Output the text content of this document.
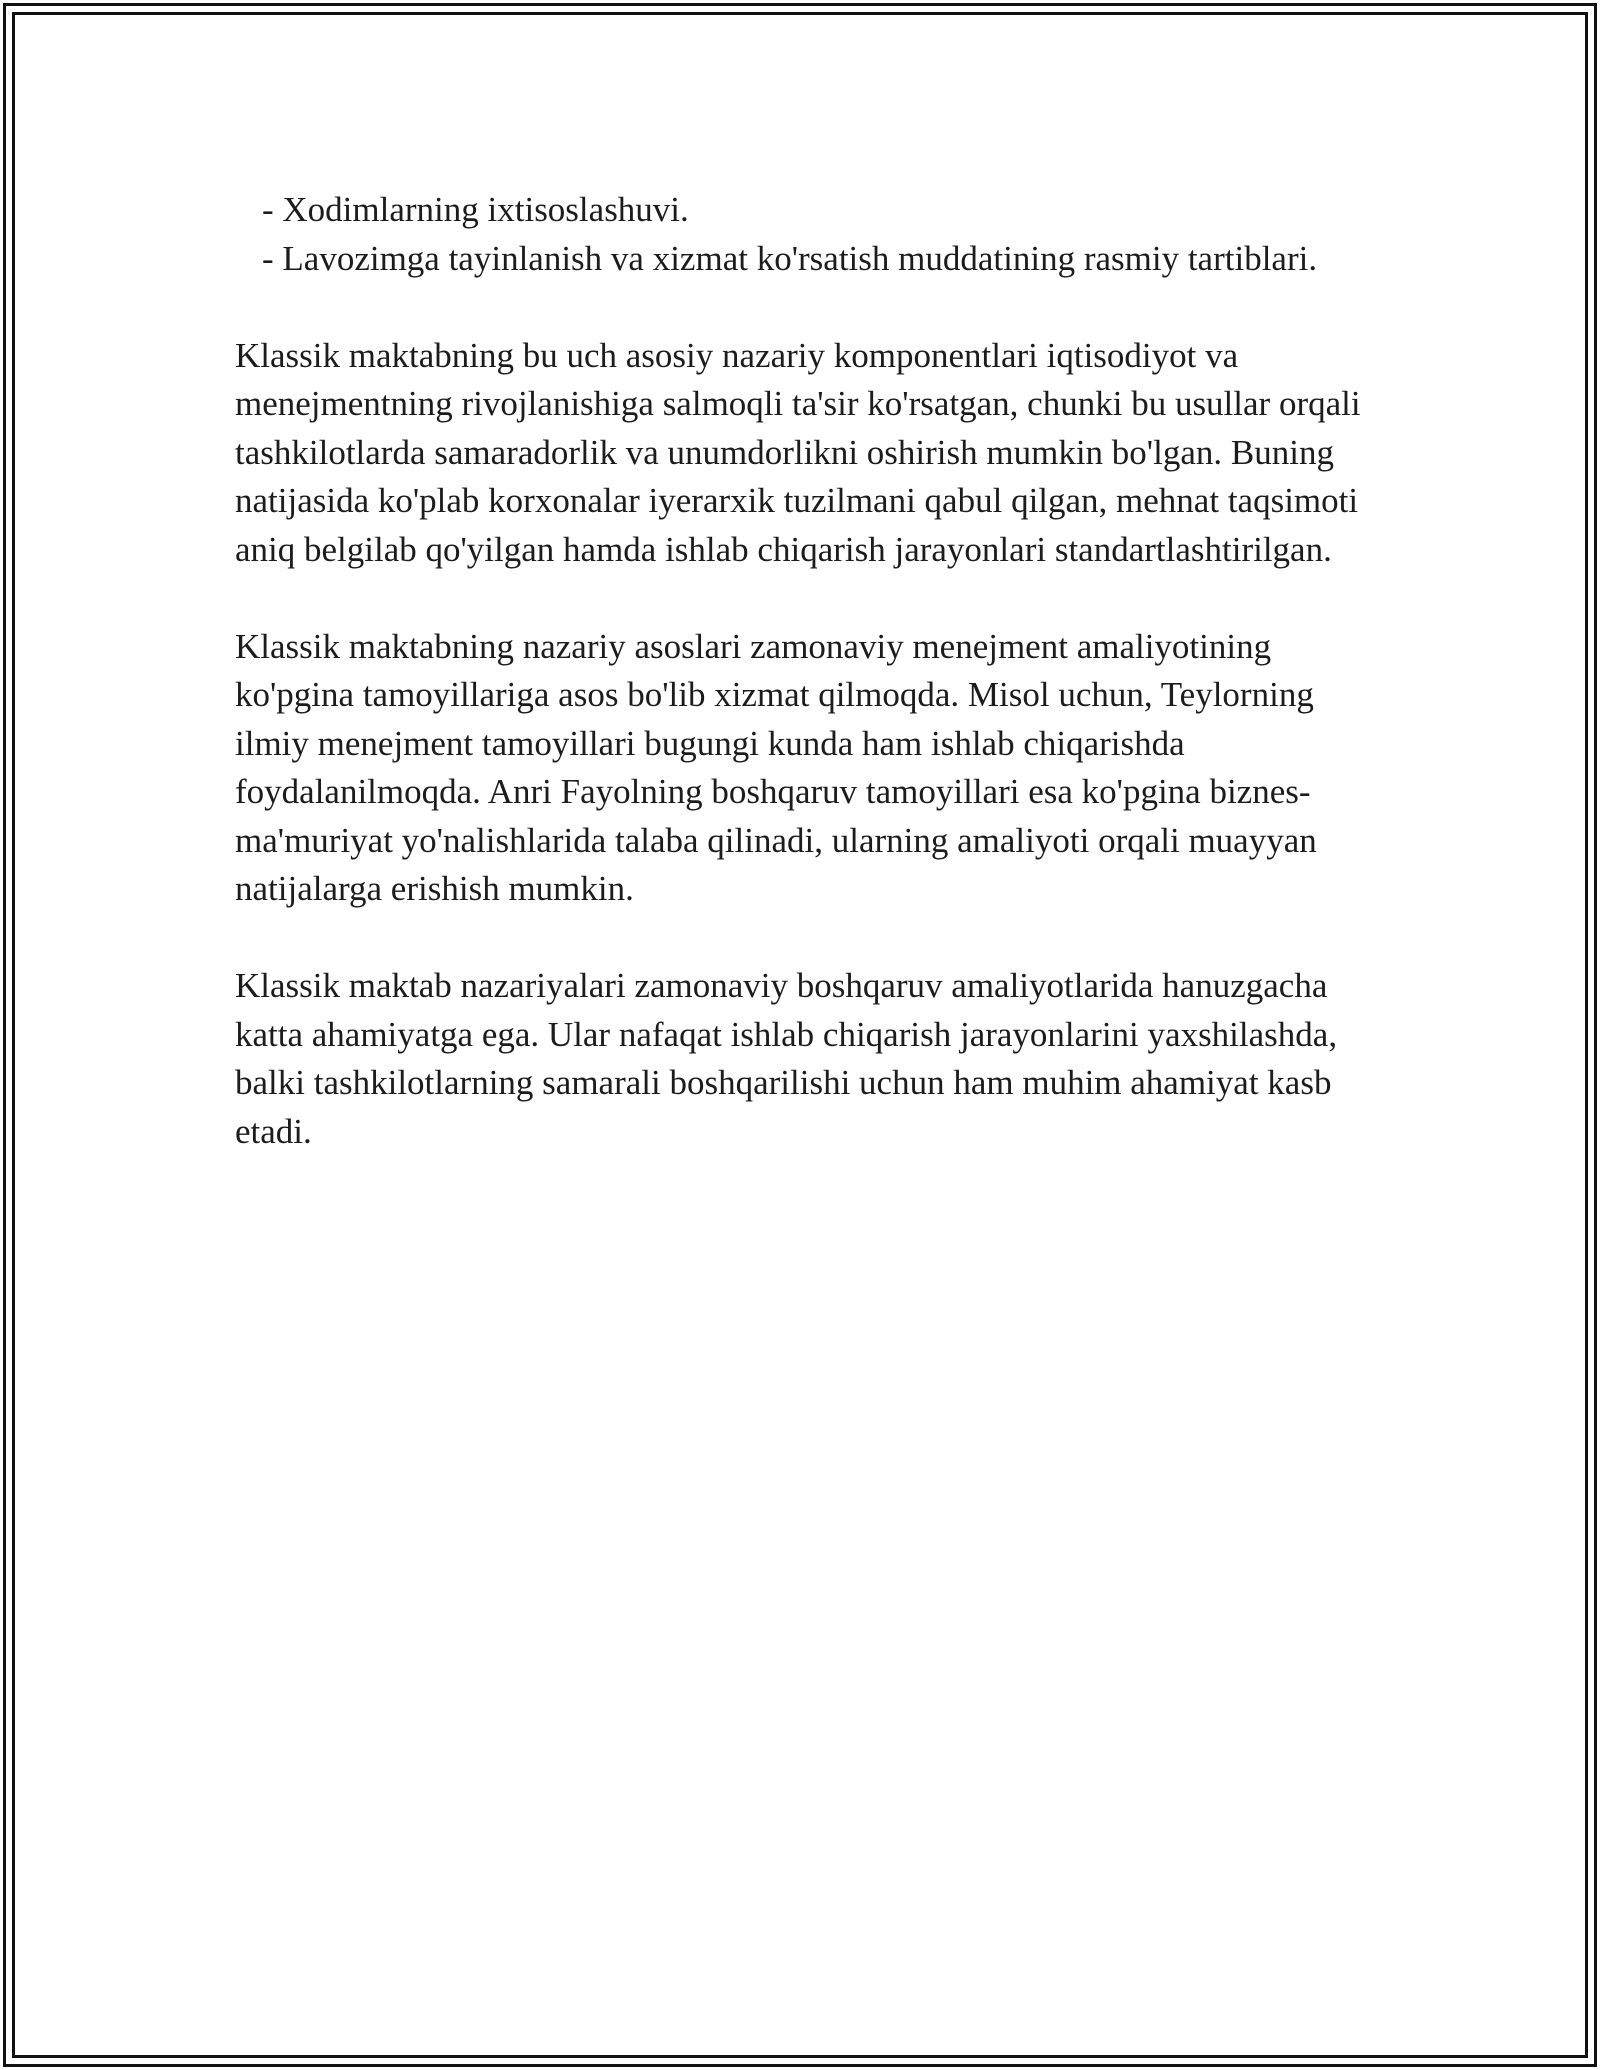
- Xodimlarning ixtisoslashuvi.

- Lavozimga tayinlanish va xizmat ko'rsatish muddatining rasmiy tartiblari.

Klassik maktabning bu uch asosiy nazariy komponentlari iqtisodiyot va menejmentning rivojlanishiga salmoqli ta'sir ko'rsatgan, chunki bu usullar orqali tashkilotlarda samaradorlik va unumdorlikni oshirish mumkin bo'lgan. Buning natijasida ko'plab korxonalar iyerarxik tuzilmani qabul qilgan, mehnat taqsimoti aniq belgilab qo'yilgan hamda ishlab chiqarish jarayonlari standartlashtirilgan.

Klassik maktabning nazariy asoslari zamonaviy menejment amaliyotining ko'pgina tamoyillariga asos bo'lib xizmat qilmoqda. Misol uchun, Teylorning ilmiy menejment tamoyillari bugungi kunda ham ishlab chiqarishda foydalanilmoqda. Anri Fayolning boshqaruv tamoyillari esa ko'pgina biznes-ma'muriyat yo'nalishlarida talaba qilinadi, ularning amaliyoti orqali muayyan natijalarga erishish mumkin.

Klassik maktab nazariyalari zamonaviy boshqaruv amaliyotlarida hanuzgacha katta ahamiyatga ega. Ular nafaqat ishlab chiqarish jarayonlarini yaxshilashda, balki tashkilotlarning samarali boshqarilishi uchun ham muhim ahamiyat kasb etadi.
